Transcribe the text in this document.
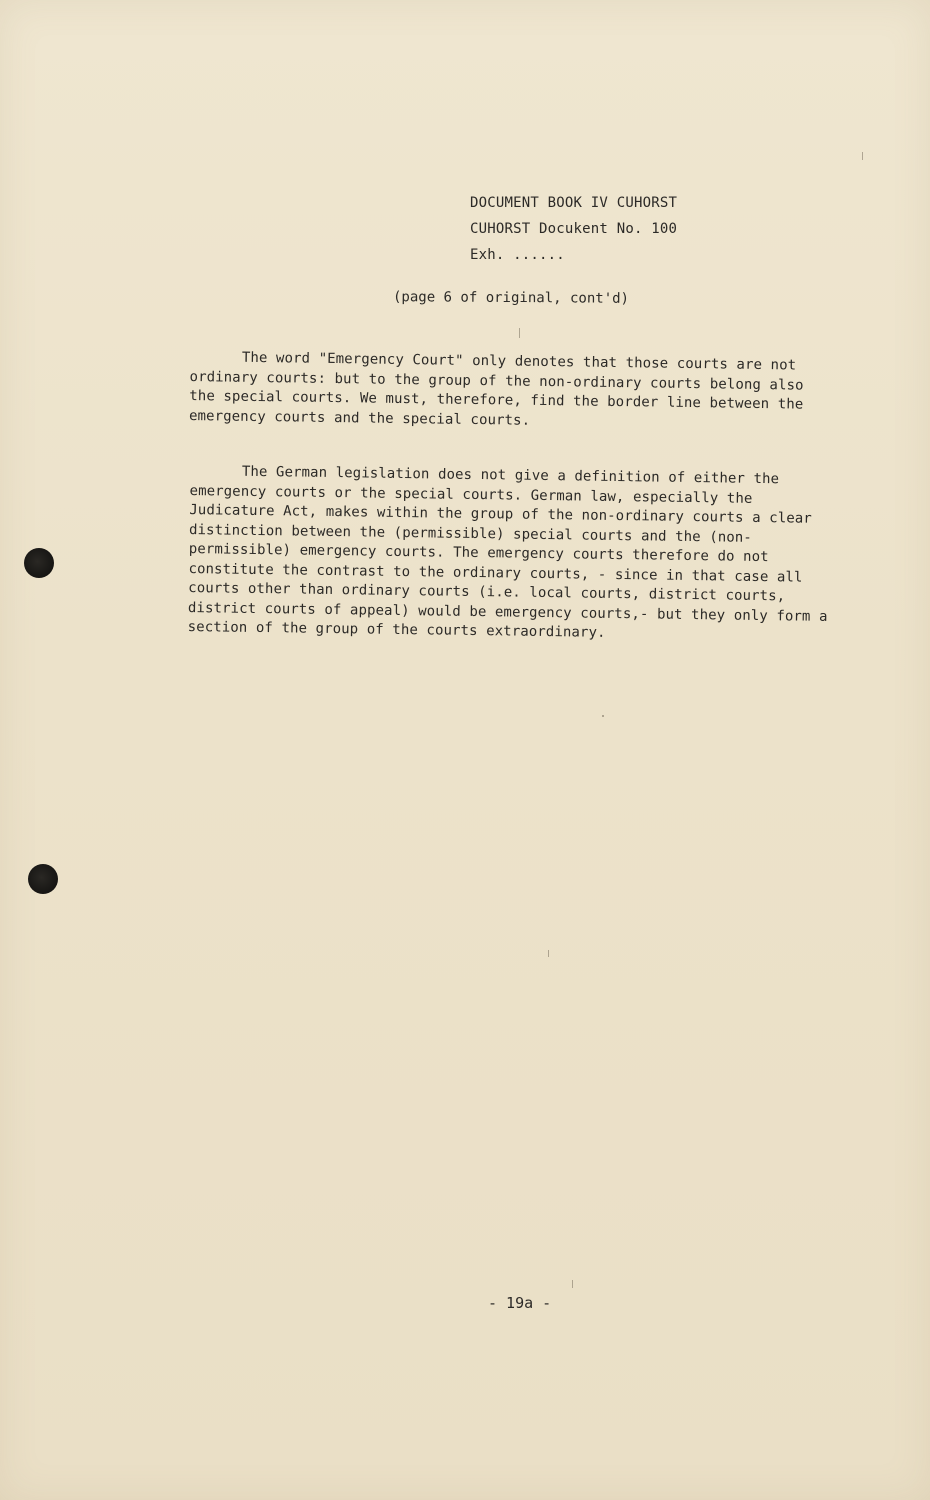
DOCUMENT BOOK IV CUHORST
CUHORST Docukent No. 100
Exh. ......
(page 6 of original, cont'd)

The word "Emergency Court" only denotes that those courts are not ordinary courts: but to the group of the non-ordinary courts belong also the special courts. We must, therefore, find the border line between the emergency courts and the special courts.

The German legislation does not give a definition of either the emergency courts or the special courts. German law, especially the Judicature Act, makes within the group of the non-ordinary courts a clear distinction between the (permissible) special courts and the (non-permissible) emergency courts. The emergency courts therefore do not constitute the contrast to the ordinary courts, - since in that case all courts other than ordinary courts (i.e. local courts, district courts, district courts of appeal) would be emergency courts,- but they only form a section of the group of the courts extraordinary.

- 19a -
